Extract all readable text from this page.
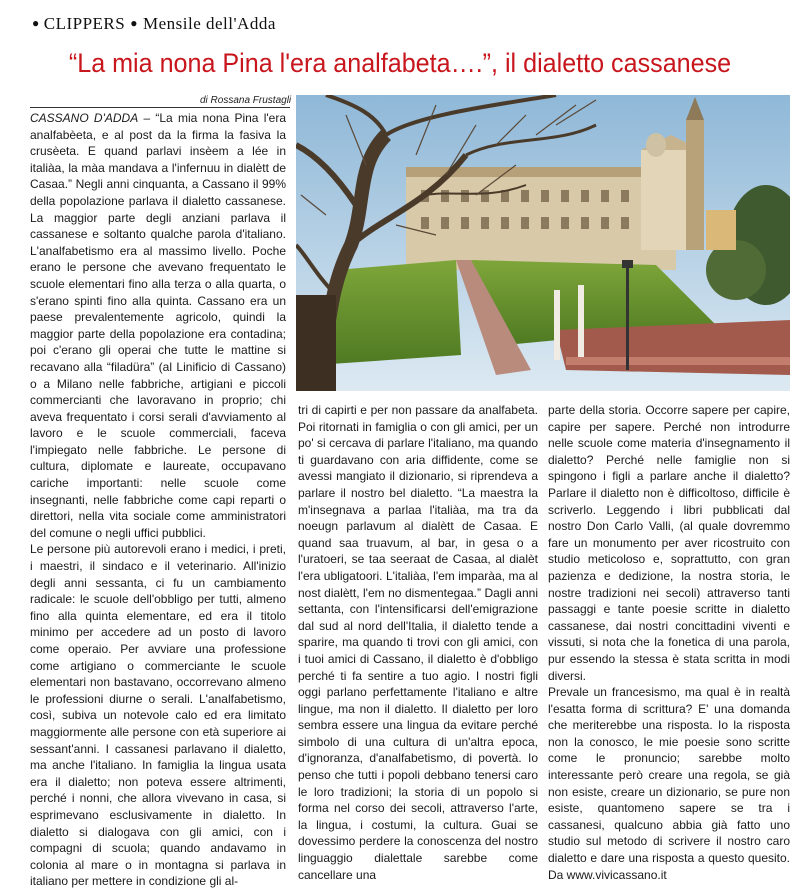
● CLIPPERS ● Mensile dell'Adda
“La mia nona Pina l'era analfabeta….”, il dialetto cassanese
di Rossana Frustagli

CASSANO D'ADDA – “La mia nona Pina l'era analfabèeta, e al post da la firma la fasiva la crusèeta. E quand parlavi insèem a lée in italiàa, la màa mandava a l'infernuu in dialètt de Casaa.” Negli anni cinquanta, a Cassano il 99% della popolazione parlava il dialetto cassanese. La maggior parte degli anziani parlava il cassanese e soltanto qualche parola d'italiano. L'analfabetismo era al massimo livello. Poche erano le persone che avevano frequentato le scuole elementari fino alla terza o alla quarta, o s'erano spinti fino alla quinta. Cassano era un paese prevalentemente agricolo, quindi la maggior parte della popolazione era contadina; poi c'erano gli operai che tutte le mattine si recavano alla “filadüra” (al Linificio di Cassano) o a Milano nelle fabbriche, artigiani e piccoli commercianti che lavoravano in proprio; chi aveva frequentato i corsi serali d'avviamento al lavoro e le scuole commerciali, faceva l'impiegato nelle fabbriche. Le persone di cultura, diplomate e laureate, occupavano cariche importanti: nelle scuole come insegnanti, nelle fabbriche come capi reparti o direttori, nella vita sociale come amministratori del comune o negli uffici pubblici.

Le persone più autorevoli erano i medici, i preti, i maestri, il sindaco e il veterinario. All'inizio degli anni sessanta, ci fu un cambiamento radicale: le scuole dell'obbligo per tutti, almeno fino alla quinta elementare, ed era il titolo minimo per accedere ad un posto di lavoro come operaio. Per avviare una professione come artigiano o commerciante le scuole elementari non bastavano, occorrevano almeno le professioni diurne o serali. L'analfabetismo, così, subiva un notevole calo ed era limitato maggiormente alle persone con età superiore ai sessant'anni. I cassanesi parlavano il dialetto, ma anche l'italiano. In famiglia la lingua usata era il dialetto; non poteva essere altrimenti, perché i nonni, che allora vivevano in casa, si esprimevano esclusivamente in dialetto. In dialetto si dialogava con gli amici, con i compagni di scuola; quando andavamo in colonia al mare o in montagna si parlava in italiano per mettere in condizione gli al-

tri di capirti e per non passare da analfabeta. Poi ritornati in famiglia o con gli amici, per un po' si cercava di parlare l'italiano, ma quando ti guardavano con aria diffidente, come se avessi mangiato il dizionario, si riprendeva a parlare il nostro bel dialetto. “La maestra la m'insegnava a parlaa l'italiàa, ma tra da noeugn parlavum al dialètt de Casaa. E quand saa truavum, al bar, in gesa o a l'uratoeri, se taa seeraat de Casaa, al dialèt l'era ubligatoori. L'italiàa, l'em imparàa, ma al nost dialètt, l'em no dismentegaa.” Dagli anni settanta, con l'intensificarsi dell'emigrazione dal sud al nord dell'Italia, il dialetto tende a sparire, ma quando ti trovi con gli amici, con i tuoi amici di Cassano, il dialetto è d'obbligo perché ti fa sentire a tuo agio. I nostri figli oggi parlano perfettamente l'italiano e altre lingue, ma non il dialetto. Il dialetto per loro sembra essere una lingua da evitare perché simbolo di una cultura di un'altra epoca, d'ignoranza, d'analfabetismo, di povertà. Io penso che tutti i popoli debbano tenersi caro le loro tradizioni; la storia di un popolo si forma nel corso dei secoli, attraverso l'arte, la lingua, i costumi, la cultura. Guai se dovessimo perdere la conoscenza del nostro linguaggio dialettale sarebbe come cancellare una

parte della storia. Occorre sapere per capire, capire per sapere. Perché non introdurre nelle scuole come materia d'insegnamento il dialetto? Perché nelle famiglie non si spingono i figli a parlare anche il dialetto? Parlare il dialetto non è difficoltoso, difficile è scriverlo. Leggendo i libri pubblicati dal nostro Don Carlo Valli, (al quale dovremmo fare un monumento per aver ricostruito con studio meticoloso e, soprattutto, con gran pazienza e dedizione, la nostra storia, le nostre tradizioni nei secoli) attraverso tanti passaggi e tante poesie scritte in dialetto cassanese, dai nostri concittadini viventi e vissuti, si nota che la fonetica di una parola, pur essendo la stessa è stata scritta in modi diversi.

Prevale un francesismo, ma qual è in realtà l'esatta forma di scrittura? E' una domanda che meriterebbe una risposta. Io la risposta non la conosco, le mie poesie sono scritte come le pronuncio; sarebbe molto interessante però creare una regola, se già non esiste, creare un dizionario, se pure non esiste, quantomeno sapere se tra i cassanesi, qualcuno abbia già fatto uno studio sul metodo di scrivere il nostro caro dialetto e dare una risposta a questo quesito. Da www.vivicassano.it
